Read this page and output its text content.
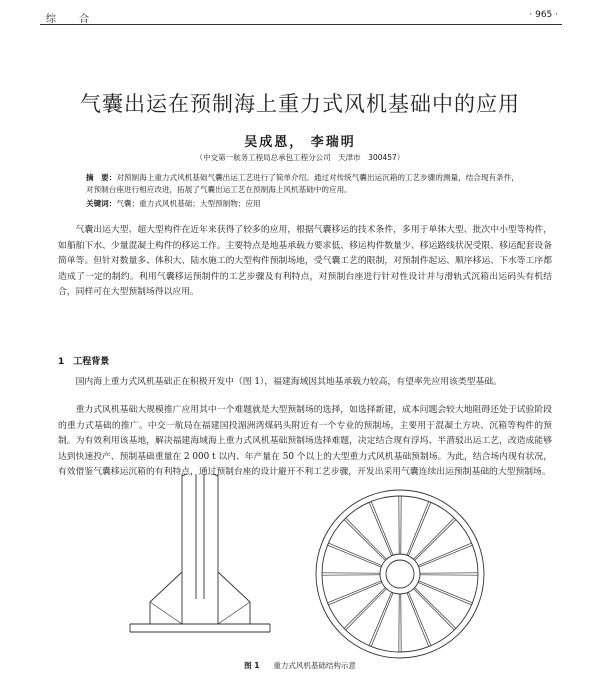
综 合	· 965 ·
气囊出运在预制海上重力式风机基础中的应用
吴成恩， 李瑞明
（中交第一航务工程局总承包工程分公司　天津市　300457）
摘　要：对预制海上重力式风机基础气囊出运工艺进行了简单介绍。通过对传统气囊出运沉箱的工艺步骤的测量，结合现有条件，对预制台座进行相应改进，拓展了气囊出运工艺在预制海上风机基础中的应用。
关键词：气囊；重力式风机基础；大型预制物；应用
气囊出运大型、超大型构件在近年来获得了较多的应用，根据气囊移运的技术条件，多用于单体大型、批次中小型等构件，如船舶下水、少量混凝土构件的移运工作。主要特点是地基承载力要求低、移运构件数量少、移运路线状况受限、移运配套设备简单等。但针对数量多、体积大、陆水施工的大型构件预制场地，受气囊工艺的限制，对预制件起运、顺序移运、下水等工序都造成了一定的制约。利用气囊移运预制件的工艺步骤及有利特点，对预制台座进行针对性设计并与滑轨式沉箱出运码头有机结合，同样可在大型预制场得以应用。
1　工程背景
国内海上重力式风机基础正在积极开发中（图 1），福建海域因其地基承载力较高，有望率先应用该类型基础。
重力式风机基础大规模推广应用其中一个难题就是大型预制场的选择，如选择新建，成本问题会较大地阻碍还处于试验阶段的重力式基础的推广。中交一航局在福建国投湄洲湾煤码头附近有一个专业的预制场，主要用于混凝土方块、沉箱等构件的预制。为有效利用该基地，解决福建海域海上重力式风机基础预制场选择难题，决定结合现有浮坞、半潜驳出运工艺，改造成能够达到快速投产、预制基础重量在 2 000 t 以内、年产量在 50 个以上的大型重力式风机基础预制场。为此，结合场内现有状况，有效借鉴气囊移运沉箱的有利特点，通过预制台座的设计避开不利工艺步骤，开发出采用气囊连续出运预制基础的大型预制场。
图 1 重力式风机基础结构示意
